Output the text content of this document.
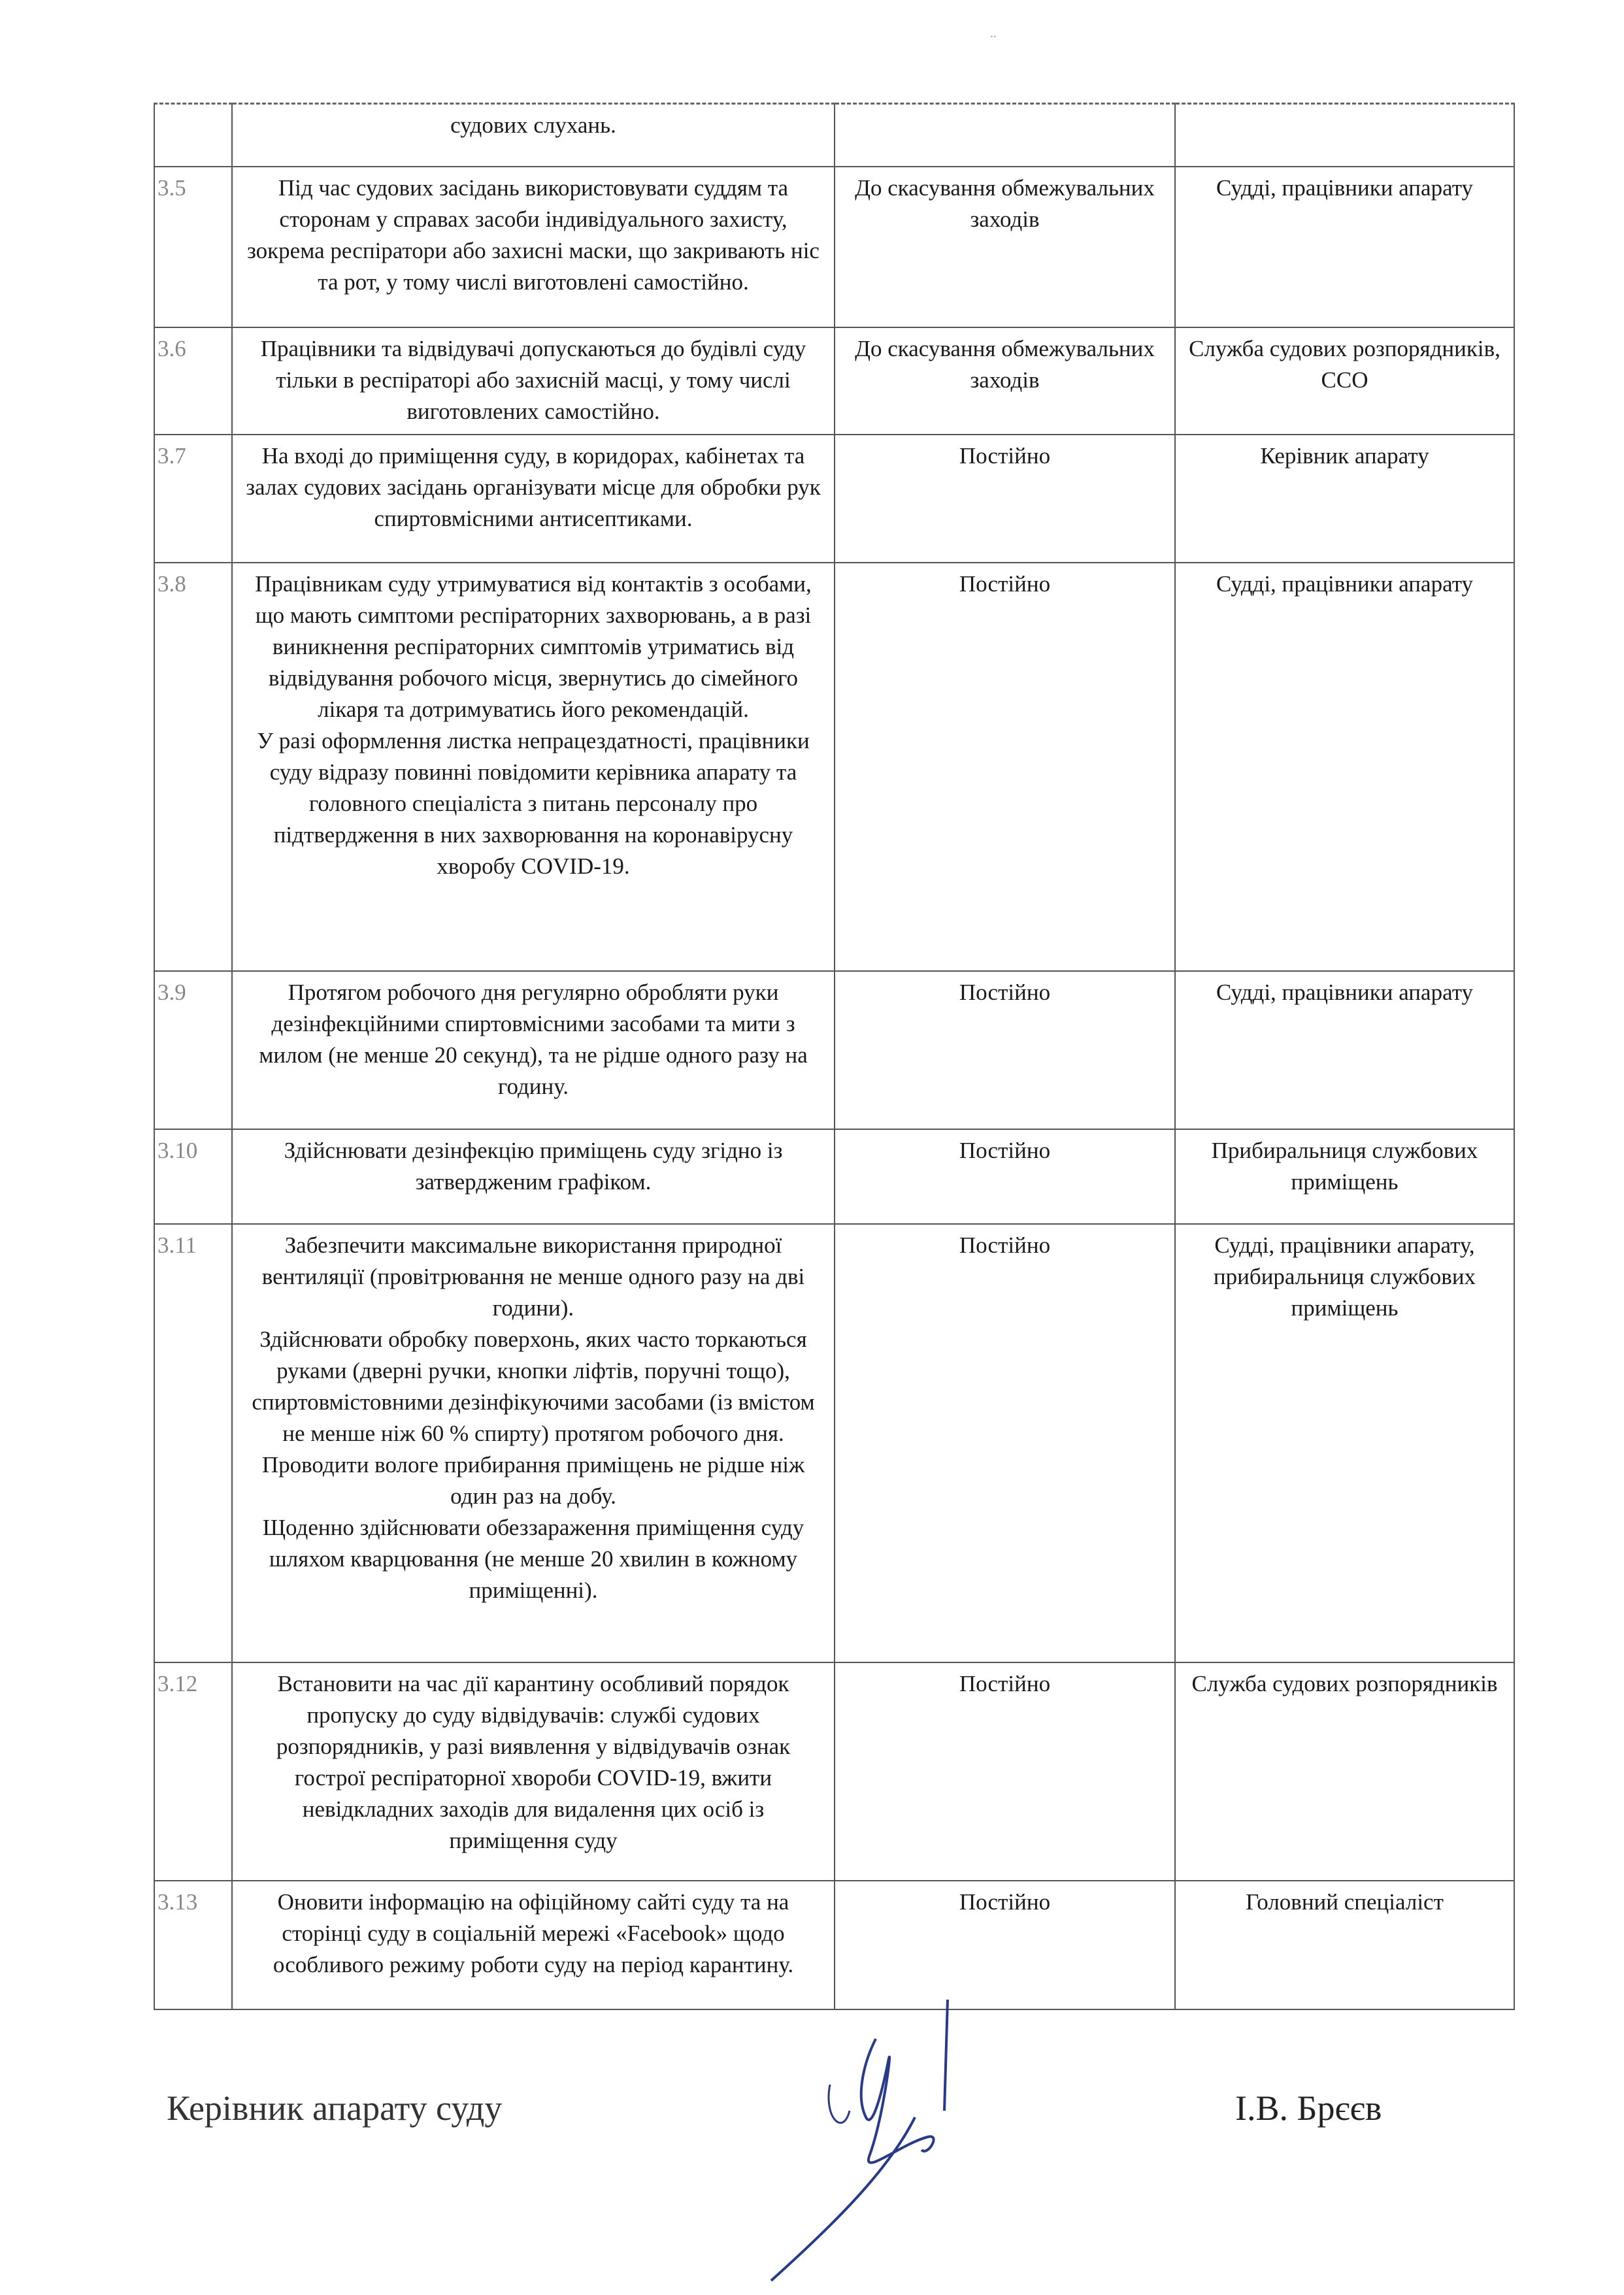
..
	судових слухань.		
3.5	Під час судових засідань використовувати суддям та сторонам у справах засоби індивідуального захисту, зокрема респіратори або захисні маски, що закривають ніс та рот, у тому числі виготовлені самостійно.	До скасування обмежувальних заходів	Судді, працівники апарату
3.6	Працівники та відвідувачі допускаються до будівлі суду тільки в респіраторі або захисній масці, у тому числі виготовлених самостійно.	До скасування обмежувальних заходів	Служба судових розпорядників, ССО
3.7	На вході до приміщення суду, в коридорах, кабінетах та залах судових засідань організувати місце для обробки рук спиртовмісними антисептиками.	Постійно	Керівник апарату
3.8	Працівникам суду утримуватися від контактів з особами, що мають симптоми респіраторних захворювань, а в разі виникнення респіраторних симптомів утриматись від відвідування робочого місця, звернутись до сімейного лікаря та дотримуватись його рекомендацій.
У разі оформлення листка непрацездатності, працівники суду відразу повинні повідомити керівника апарату та головного спеціаліста з питань персоналу про підтвердження в них захворювання на коронавірусну хворобу COVID-19.	Постійно	Судді, працівники апарату
3.9	Протягом робочого дня регулярно обробляти руки дезінфекційними спиртовмісними засобами та мити з милом (не менше 20 секунд), та не рідше одного разу на годину.	Постійно	Судді, працівники апарату
3.10	Здійснювати дезінфекцію приміщень суду згідно із затвердженим графіком.	Постійно	Прибиральниця службових приміщень
3.11	Забезпечити максимальне використання природної вентиляції (провітрювання не менше одного разу на дві години).
Здійснювати обробку поверхонь, яких часто торкаються руками (дверні ручки, кнопки ліфтів, поручні тощо), спиртовмістовними дезінфікуючими засобами (із вмістом не менше ніж 60 % спирту) протягом робочого дня.
Проводити вологе прибирання приміщень не рідше ніж один раз на добу.
Щоденно здійснювати обеззараження приміщення суду шляхом кварцювання (не менше 20 хвилин в кожному приміщенні).	Постійно	Судді, працівники апарату, прибиральниця службових приміщень
3.12	Встановити на час дії карантину особливий порядок пропуску до суду відвідувачів: службі судових розпорядників, у разі виявлення у відвідувачів ознак гострої респіраторної хвороби COVID-19, вжити невідкладних заходів для видалення цих осіб із приміщення суду	Постійно	Служба судових розпорядників
3.13	Оновити інформацію на офіційному сайті суду та на сторінці суду в соціальній мережі «Facebook» щодо особливого режиму роботи суду на період карантину.	Постійно	Головний спеціаліст
Керівник апарату суду	І.В. Брєєв
